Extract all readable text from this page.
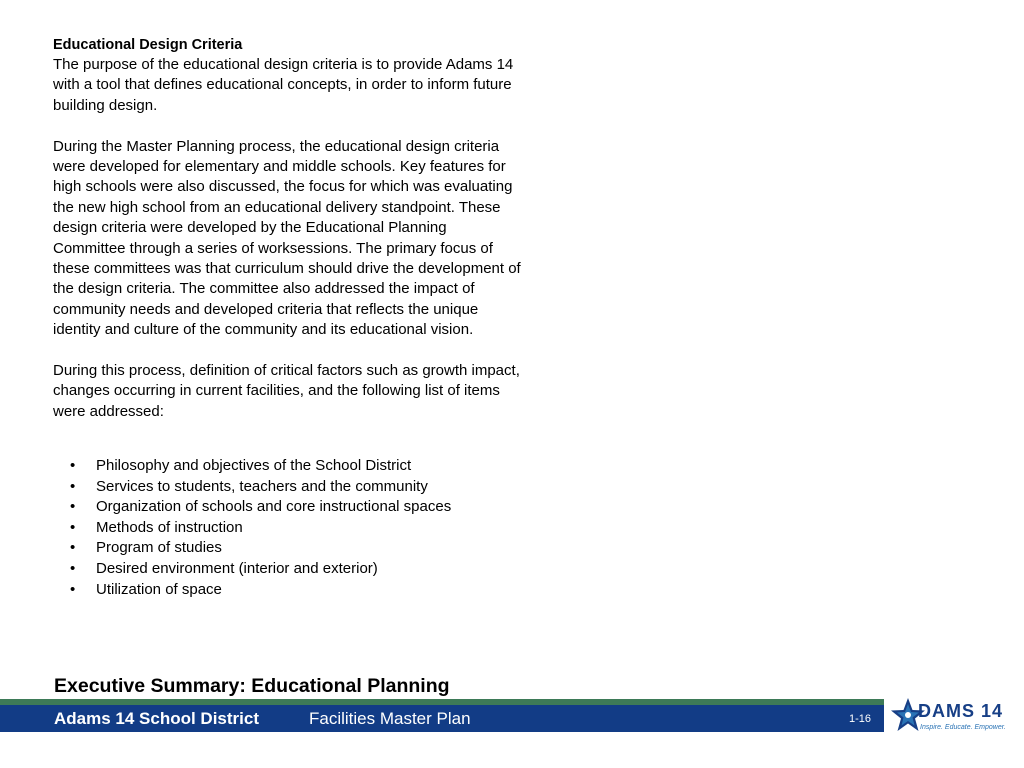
Educational Design Criteria

The purpose of the educational design criteria is to provide Adams 14 with a tool that defines educational concepts, in order to inform future building design.

During the Master Planning process, the educational design criteria were developed for elementary and middle schools. Key features for high schools were also discussed, the focus for which was evaluating the new high school from an educational delivery standpoint. These design criteria were developed by the Educational Planning Committee through a series of worksessions. The primary focus of these committees was that curriculum should drive the development of the design criteria. The committee also addressed the impact of community needs and developed criteria that reflects the unique identity and culture of the community and its educational vision.

During this process, definition of critical factors such as growth impact, changes occurring in current facilities, and the following list of items were addressed:

• Philosophy and objectives of the School District
• Services to students, teachers and the community
• Organization of schools and core instructional spaces
• Methods of instruction
• Program of studies
• Desired environment (interior and exterior)
• Utilization of space
Executive Summary: Educational Planning
Adams 14 School District	Facilities Master Plan	1-16	DAMS 14
Inspire. Educate. Empower.
